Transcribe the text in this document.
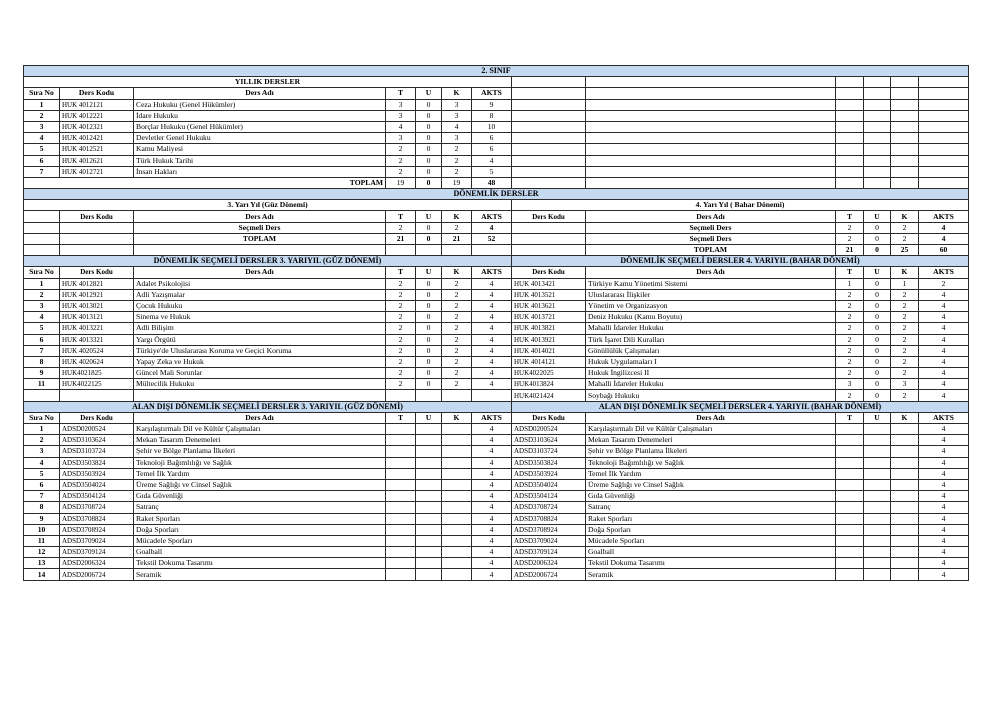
2. SINIF												
YILLIK DERSLER												
Sıra No	Ders Kodu	Ders Adı	T	U	K	AKTS						
1	HUK 4012121	Ceza Hukuku (Genel Hükümler)	3	0	3	9						
2	HUK 4012221	İdare Hukuku	3	0	3	8						
3	HUK 4012321	Borçlar Hukuku (Genel Hükümler)	4	0	4	10						
4	HUK 4012421	Devletler Genel Hukuku	3	0	3	6						
5	HUK 4012521	Kamu Maliyesi	2	0	2	6						
6	HUK 4012621	Türk Hukuk Tarihi	2	0	2	4						
7	HUK 4012721	İnsan Hakları	2	0	2	5						
TOPLAM			19	0	19	48						
DÖNEMLİK DERSLER												
3. Yarı Yıl (Güz Dönemi)							4. Yarı Yıl ( Bahar Dönemi)					
	Ders Kodu	Ders Adı	T	U	K	AKTS	Ders Kodu	Ders Adı	T	U	K	AKTS
		Seçmeli Ders	2	0	2	4		Seçmeli Ders	2	0	2	4
		TOPLAM	21	0	21	52		Seçmeli Ders	2	0	2	4
								TOPLAM	21	0	25	60
DÖNEMLİK SEÇMELİ DERSLER 3. YARIYIL (GÜZ DÖNEMİ)							DÖNEMLİK SEÇMELİ DERSLER 4. YARIYIL (BAHAR DÖNEMİ)					
Sıra No	Ders Kodu	Ders Adı	T	U	K	AKTS	Ders Kodu	Ders Adı	T	U	K	AKTS
1	HUK 4012821	Adalet Psikolojisi	2	0	2	4	HUK 4013421	Türkiye Kamu Yönetimi Sistemi	1	0	1	2
2	HUK 4012921	Adli Yazışmalar	2	0	2	4	HUK 4013521	Uluslararası İlişkiler	2	0	2	4
3	HUK 4013021	Çocuk Hukuku	2	0	2	4	HUK 4013621	Yönetim ve Organizasyon	2	0	2	4
4	HUK 4013121	Sinema ve Hukuk	2	0	2	4	HUK 4013721	Deniz Hukuku (Kamu Boyutu)	2	0	2	4
5	HUK 4013221	Adli Bilişim	2	0	2	4	HUK 4013821	Mahalli İdareler Hukuku	2	0	2	4
6	HUK 4013321	Yargı Örgütü	2	0	2	4	HUK 4013921	Türk İşaret Dili Kuralları	2	0	2	4
7	HUK 4020524	Türkiye'de Uluslararası Koruma ve Geçici Koruma	2	0	2	4	HUK 4014021	Gönüllülük Çalışmaları	2	0	2	4
8	HUK 4020624	Yapay Zeka ve Hukuk	2	0	2	4	HUK 4014121	Hukuk Uygulamaları I	2	0	2	4
9	HUK4021825	Güncel Mali Sorunlar	2	0	2	4	HUK4022025	Hukuk İngilizcesi II	2	0	2	4
11	HUK4022125	Mültecilik Hukuku	2	0	2	4	HUK4013824	Mahalli İdareler Hukuku	3	0	3	4
							HUK4021424	Soybağı Hukuku	2	0	2	4
ALAN DIŞI DÖNEMLİK SEÇMELİ DERSLER 3. YARIYIL (GÜZ DÖNEMİ)							ALAN DIŞI DÖNEMLİK SEÇMELİ DERSLER 4. YARIYIL (BAHAR DÖNEMİ)					
Sıra No	Ders Kodu	Ders Adı	T	U	K	AKTS	Ders Kodu	Ders Adı	T	U	K	AKTS
1	ADSD0200524	Karşılaştırmalı Dil ve Kültür Çalışmaları				4	ADSD0200524	Karşılaştırmalı Dil ve Kültür Çalışmaları				4
2	ADSD3103624	Mekan Tasarım Denemeleri				4	ADSD3103624	Mekan Tasarım Denemeleri				4
3	ADSD3103724	Şehir ve Bölge Planlama İlkeleri				4	ADSD3103724	Şehir ve Bölge Planlama İlkeleri				4
4	ADSD3503824	Teknoloji Bağımlılığı ve Sağlık				4	ADSD3503824	Teknoloji Bağımlılığı ve Sağlık				4
5	ADSD3503924	Temel İlk Yardım				4	ADSD3503924	Temel İlk Yardım				4
6	ADSD3504024	Üreme Sağlığı ve Cinsel Sağlık				4	ADSD3504024	Üreme Sağlığı ve Cinsel Sağlık				4
7	ADSD3504124	Gıda Güvenliği				4	ADSD3504124	Gıda Güvenliği				4
8	ADSD3708724	Satranç				4	ADSD3708724	Satranç				4
9	ADSD3708824	Raket Sporları				4	ADSD3708824	Raket Sporları				4
10	ADSD3708924	Doğa Sporları				4	ADSD3708924	Doğa Sporları				4
11	ADSD3709024	Mücadele Sporları				4	ADSD3709024	Mücadele Sporları				4
12	ADSD3709124	Goalball				4	ADSD3709124	Goalball				4
13	ADSD2006324	Tekstil Dokuma Tasarımı				4	ADSD2006324	Tekstil Dokuma Tasarımı				4
14	ADSD2006724	Seramik				4	ADSD2006724	Seramik				4
